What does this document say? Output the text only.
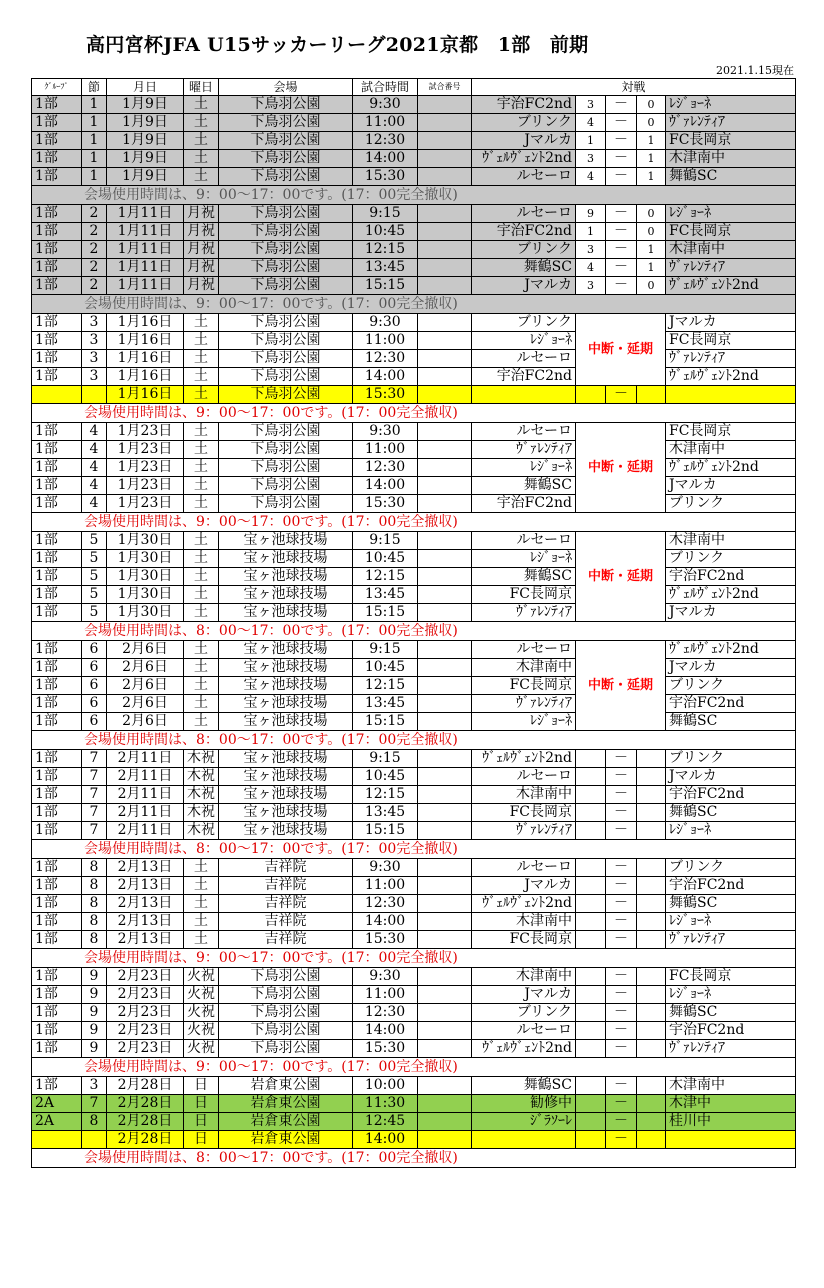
高円宮杯JFA U15サッカーリーグ2021京都　1部　前期
2021.1.15現在
ｸﾞﾙｰﾌﾟ	節	月日	曜日	会場	試合時間	試合番号	対戦				
1部	1	1月9日	土	下鳥羽公園	9:30		宇治FC2nd	3	－	0	ﾚｼﾞｮｰﾈ
1部	1	1月9日	土	下鳥羽公園	11:00		ブリンク	4	－	0	ｳﾞｧﾚﾝﾃｨｱ
1部	1	1月9日	土	下鳥羽公園	12:30		Jマルカ	1	－	1	FC長岡京
1部	1	1月9日	土	下鳥羽公園	14:00		ｳﾞｪﾙｳﾞｪﾝﾄ2nd	3	－	1	木津南中
1部	1	1月9日	土	下鳥羽公園	15:30		ルセーロ	4	－	1	舞鶴SC
会場使用時間は、9：00～17：00です。(17：00完全撤収)											
1部	2	1月11日	月祝	下鳥羽公園	9:15		ルセーロ	9	－	0	ﾚｼﾞｮｰﾈ
1部	2	1月11日	月祝	下鳥羽公園	10:45		宇治FC2nd	1	－	0	FC長岡京
1部	2	1月11日	月祝	下鳥羽公園	12:15		ブリンク	3	－	1	木津南中
1部	2	1月11日	月祝	下鳥羽公園	13:45		舞鶴SC	4	－	1	ｳﾞｧﾚﾝﾃｨｱ
1部	2	1月11日	月祝	下鳥羽公園	15:15		Jマルカ	3	－	0	ｳﾞｪﾙｳﾞｪﾝﾄ2nd
会場使用時間は、9：00～17：00です。(17：00完全撤収)											
1部	3	1月16日	土	下鳥羽公園	9:30		ブリンク	中断・延期			Jマルカ
1部	3	1月16日	土	下鳥羽公園	11:00		ﾚｼﾞｮｰﾈ				FC長岡京
1部	3	1月16日	土	下鳥羽公園	12:30		ルセーロ				ｳﾞｧﾚﾝﾃｨｱ
1部	3	1月16日	土	下鳥羽公園	14:00		宇治FC2nd				ｳﾞｪﾙｳﾞｪﾝﾄ2nd
		1月16日	土	下鳥羽公園	15:30				－		
会場使用時間は、9：00～17：00です。(17：00完全撤収)											
1部	4	1月23日	土	下鳥羽公園	9:30		ルセーロ	中断・延期			FC長岡京
1部	4	1月23日	土	下鳥羽公園	11:00		ｳﾞｧﾚﾝﾃｨｱ				木津南中
1部	4	1月23日	土	下鳥羽公園	12:30		ﾚｼﾞｮｰﾈ				ｳﾞｪﾙｳﾞｪﾝﾄ2nd
1部	4	1月23日	土	下鳥羽公園	14:00		舞鶴SC				Jマルカ
1部	4	1月23日	土	下鳥羽公園	15:30		宇治FC2nd				ブリンク
会場使用時間は、9：00～17：00です。(17：00完全撤収)											
1部	5	1月30日	土	宝ヶ池球技場	9:15		ルセーロ	中断・延期			木津南中
1部	5	1月30日	土	宝ヶ池球技場	10:45		ﾚｼﾞｮｰﾈ				ブリンク
1部	5	1月30日	土	宝ヶ池球技場	12:15		舞鶴SC				宇治FC2nd
1部	5	1月30日	土	宝ヶ池球技場	13:45		FC長岡京				ｳﾞｪﾙｳﾞｪﾝﾄ2nd
1部	5	1月30日	土	宝ヶ池球技場	15:15		ｳﾞｧﾚﾝﾃｨｱ				Jマルカ
会場使用時間は、8：00～17：00です。(17：00完全撤収)											
1部	6	2月6日	土	宝ヶ池球技場	9:15		ルセーロ	中断・延期			ｳﾞｪﾙｳﾞｪﾝﾄ2nd
1部	6	2月6日	土	宝ヶ池球技場	10:45		木津南中				Jマルカ
1部	6	2月6日	土	宝ヶ池球技場	12:15		FC長岡京				ブリンク
1部	6	2月6日	土	宝ヶ池球技場	13:45		ｳﾞｧﾚﾝﾃｨｱ				宇治FC2nd
1部	6	2月6日	土	宝ヶ池球技場	15:15		ﾚｼﾞｮｰﾈ				舞鶴SC
会場使用時間は、8：00～17：00です。(17：00完全撤収)											
1部	7	2月11日	木祝	宝ヶ池球技場	9:15		ｳﾞｪﾙｳﾞｪﾝﾄ2nd		－		ブリンク
1部	7	2月11日	木祝	宝ヶ池球技場	10:45		ルセーロ		－		Jマルカ
1部	7	2月11日	木祝	宝ヶ池球技場	12:15		木津南中		－		宇治FC2nd
1部	7	2月11日	木祝	宝ヶ池球技場	13:45		FC長岡京		－		舞鶴SC
1部	7	2月11日	木祝	宝ヶ池球技場	15:15		ｳﾞｧﾚﾝﾃｨｱ		－		ﾚｼﾞｮｰﾈ
会場使用時間は、8：00～17：00です。(17：00完全撤収)											
1部	8	2月13日	土	吉祥院	9:30		ルセーロ		－		ブリンク
1部	8	2月13日	土	吉祥院	11:00		Jマルカ		－		宇治FC2nd
1部	8	2月13日	土	吉祥院	12:30		ｳﾞｪﾙｳﾞｪﾝﾄ2nd		－		舞鶴SC
1部	8	2月13日	土	吉祥院	14:00		木津南中		－		ﾚｼﾞｮｰﾈ
1部	8	2月13日	土	吉祥院	15:30		FC長岡京		－		ｳﾞｧﾚﾝﾃｨｱ
会場使用時間は、9：00～17：00です。(17：00完全撤収)											
1部	9	2月23日	火祝	下鳥羽公園	9:30		木津南中		－		FC長岡京
1部	9	2月23日	火祝	下鳥羽公園	11:00		Jマルカ		－		ﾚｼﾞｮｰﾈ
1部	9	2月23日	火祝	下鳥羽公園	12:30		ブリンク		－		舞鶴SC
1部	9	2月23日	火祝	下鳥羽公園	14:00		ルセーロ		－		宇治FC2nd
1部	9	2月23日	火祝	下鳥羽公園	15:30		ｳﾞｪﾙｳﾞｪﾝﾄ2nd		－		ｳﾞｧﾚﾝﾃｨｱ
会場使用時間は、9：00～17：00です。(17：00完全撤収)											
1部	3	2月28日	日	岩倉東公園	10:00		舞鶴SC		－		木津南中
2A	7	2月28日	日	岩倉東公園	11:30		勧修中		－		木津中
2A	8	2月28日	日	岩倉東公園	12:45		ｼﾞﾗｿｰﾚ		－		桂川中
		2月28日	日	岩倉東公園	14:00				－		
会場使用時間は、8：00～17：00です。(17：00完全撤収)											
